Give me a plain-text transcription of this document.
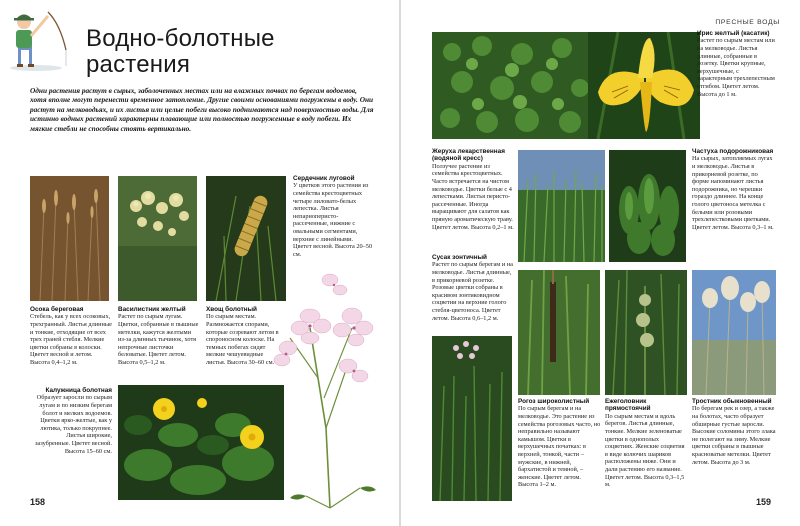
Водно-болотные
растения
Одни растения растут в сырых, заболоченных местах или на влажных почвах по берегам водоемов, хотя вполне могут перенести временное затопление. Другие своими основаниями погружены в воду. Они растут на мелководьях, и их листья или целые побеги высоко поднимаются над поверхностью воды. Для истинно водных растений характерны плавающие или полностью погруженные в воду побеги. Их мягкие стебли не способны стоять вертикально.
Осока береговая
Стебель, как у всех осоковых, трехгранный. Листья длинные и тонкие, отходящие от всех трех граней стебля. Мелкие цветки собраны в колоски. Цветет весной и летом. Высота 0,4–1,2 м.
Василистник желтый
Растет по сырым лугам. Цветки, собранные в пышные метелки, кажутся желтыми из-за длинных тычинок, хотя непрочные листочки беловатые. Цветет летом. Высота 0,5–1,2 м.
Хвощ болотный
По сырым местам. Размножается спорами, которые созревают летом в спороносном колоске. На темных побегах сидят мелкие чешуевидные листья. Высота 30–60 см.
Сердечник луговой
У цветков этого растения из семейства крестоцветных четыре лиловато-белых лепестка. Листья непарноперисто-рассеченные, нижние с овальными сегментами, верхние с линейными. Цветет весной. Высота 20–50 см.
Калужница болотная
Образует заросли по сырым лугам и по низким берегам болот и мелких водоемов. Цветки ярко-желтые, как у лютика, только покрупнее. Листья широкие, зазубренные. Цветет весной. Высота 15–60 см.
158
ПРЕСНЫЕ ВОДЫ
Ирис желтый (касатик)
Растет по сырым местам или на мелководье. Листья длинные, собранные в розетку. Цветки крупные, верхушечные, с характерным трехлепестным отгибом. Цветет летом. Высота до 1 м.
Жеруха лекарственная (водяной кресс)
Ползучее растение из семейства крестоцветных. Часто встречается на чистом мелководье. Цветки белые с 4 лепестками. Листья перисто-рассеченные. Иногда выращивают для салатов как пряную ароматическую траву. Цветет летом. Высота 0,2–1 м.
Частуха подорожниковая
На сырых, затопляемых лугах и мелководье. Листья в прикорневой розетке, по форме напоминают листья подорожника, но черешки гораздо длиннее. На конце голого цветоноса метелка с белыми или розовыми трехлепестковыми цветками. Цветет летом. Высота 0,3–1 м.
Сусак зонтичный
Растет по сырым берегам и на мелководье. Листья длинные, в прикорневой розетке. Розовые цветки собраны в красивом зонтиковидном соцветии на верхние голого стебля-цветоноса. Цветет летом. Высота 0,6–1,2 м.
Рогоз широколистный
По сырым берегам и на мелководье. Это растение из семейства рогозовых часто, но неправильно называют камышом. Цветки в верхушечных початках: в верхней, тонкой, части – мужские, в нижней, бархатистой и темной, – женские. Цветет летом. Высота 1–2 м.
Ежеголовник прямостоячий
По сырым местам и вдоль берегов. Листья длинные, тонкие. Мелкие зеленоватые цветки в однополых соцветиях. Женские соцветия в виде колючих шариков расположены ниже. Они и дали растению его название. Цветет летом. Высота 0,3–1,5 м.
Тростник обыкновенный
По берегам рек и озер, а также на болотах, часто образует обширные густые заросли. Высокие соломины этого злака не полегают на зиму. Мелкие цветки собраны в пышные красноватые метелки. Цветет летом. Высота до 3 м.
159
